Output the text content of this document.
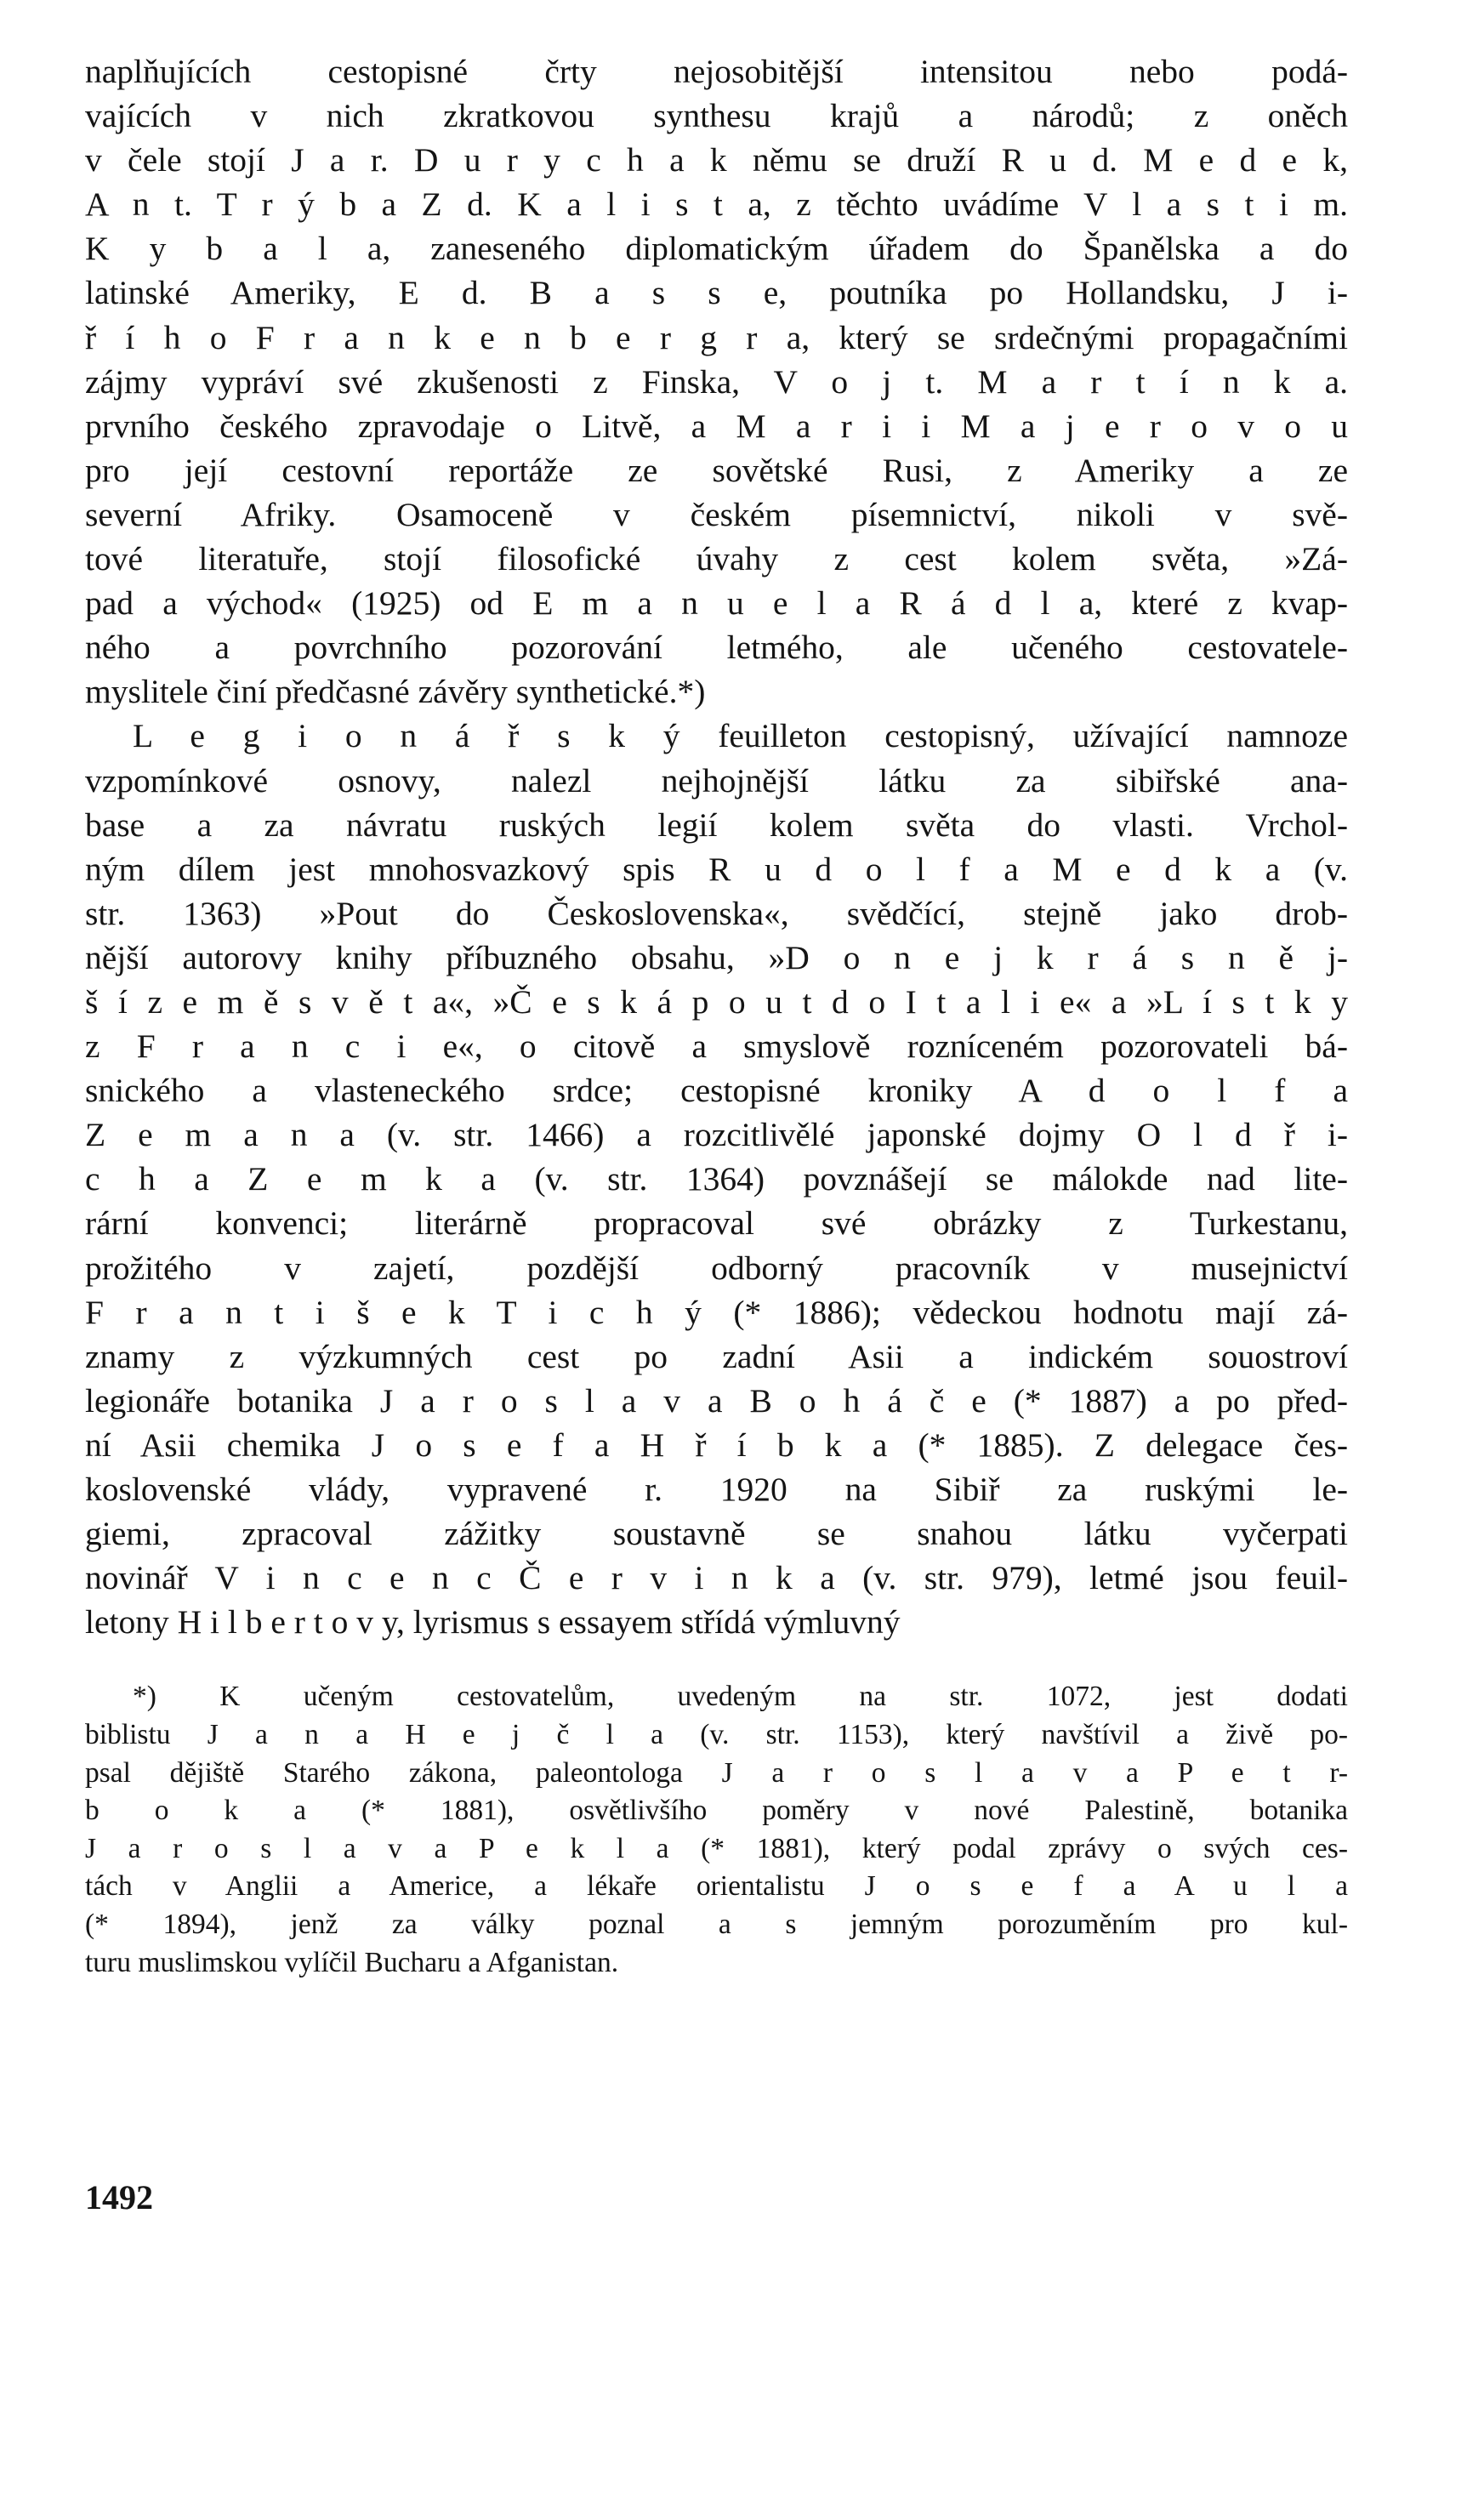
naplňujících cestopisné črty nejosobitější intensitou nebo podá-
vajících v nich zkratkovou synthesu krajů a národů; z oněch
v čele stojí J a r. D u r y c h a k němu se druží R u d. M e d e k,
A n t. T r ý b a Z d. K a l i s t a, z těchto uvádíme V l a s t i m.
K y b a l a, zaneseného diplomatickým úřadem do Španělska a do
latinské Ameriky, E d. B a s s e, poutníka po Hollandsku, J i-
ř í h o F r a n k e n b e r g r a, který se srdečnými propagačními
zájmy vypráví své zkušenosti z Finska, V o j t. M a r t í n k a.
prvního českého zpravodaje o Litvě, a M a r i i M a j e r o v o u
pro její cestovní reportáže ze sovětské Rusi, z Ameriky a ze
severní Afriky. Osamoceně v českém písemnictví, nikoli v svě-
tové literatuře, stojí filosofické úvahy z cest kolem světa, »Zá-
pad a východ« (1925) od E m a n u e l a R á d l a, které z kvap-
ného a povrchního pozorování letmého, ale učeného cestovatele-
myslitele činí předčasné závěry synthetické.*)
L e g i o n á ř s k ý feuilleton cestopisný, užívající namnoze
vzpomínkové osnovy, nalezl nejhojnější látku za sibiřské ana-
base a za návratu ruských legií kolem světa do vlasti. Vrchol-
ným dílem jest mnohosvazkový spis R u d o l f a M e d k a (v.
str. 1363) »Pout do Československa«, svědčící, stejně jako drob-
nější autorovy knihy příbuzného obsahu, »D o n e j k r á s n ě j-
š í z e m ě s v ě t a«, »Č e s k á p o u t d o I t a l i e« a »L í s t k y
z F r a n c i e«, o citově a smyslově rozníceném pozorovateli bá-
snického a vlasteneckého srdce; cestopisné kroniky A d o l f a
Z e m a n a (v. str. 1466) a rozcitlivělé japonské dojmy O l d ř i-
c h a Z e m k a (v. str. 1364) povznášejí se málokde nad lite-
rární konvenci; literárně propracoval své obrázky z Turkestanu,
prožitého v zajetí, pozdější odborný pracovník v musejnictví
F r a n t i š e k T i c h ý (* 1886); vědeckou hodnotu mají zá-
znamy z výzkumných cest po zadní Asii a indickém souostroví
legionáře botanika J a r o s l a v a B o h á č e (* 1887) a po před-
ní Asii chemika J o s e f a H ř í b k a (* 1885). Z delegace čes-
koslovenské vlády, vypravené r. 1920 na Sibiř za ruskými le-
giemi, zpracoval zážitky soustavně se snahou látku vyčerpati
novinář V i n c e n c Č e r v i n k a (v. str. 979), letmé jsou feuil-
letony H i l b e r t o v y, lyrismus s essayem střídá výmluvný
*) K učeným cestovatelům, uvedeným na str. 1072, jest dodati
biblistu J a n a H e j č l a (v. str. 1153), který navštívil a živě po-
psal dějiště Starého zákona, paleontologa J a r o s l a v a P e t r-
b o k a (* 1881), osvětlivšího poměry v nové Palestině, botanika
J a r o s l a v a P e k l a (* 1881), který podal zprávy o svých ces-
tách v Anglii a Americe, a lékaře orientalistu J o s e f a A u l a
(* 1894), jenž za války poznal a s jemným porozuměním pro kul-
turu muslimskou vylíčil Bucharu a Afganistan.
1492
